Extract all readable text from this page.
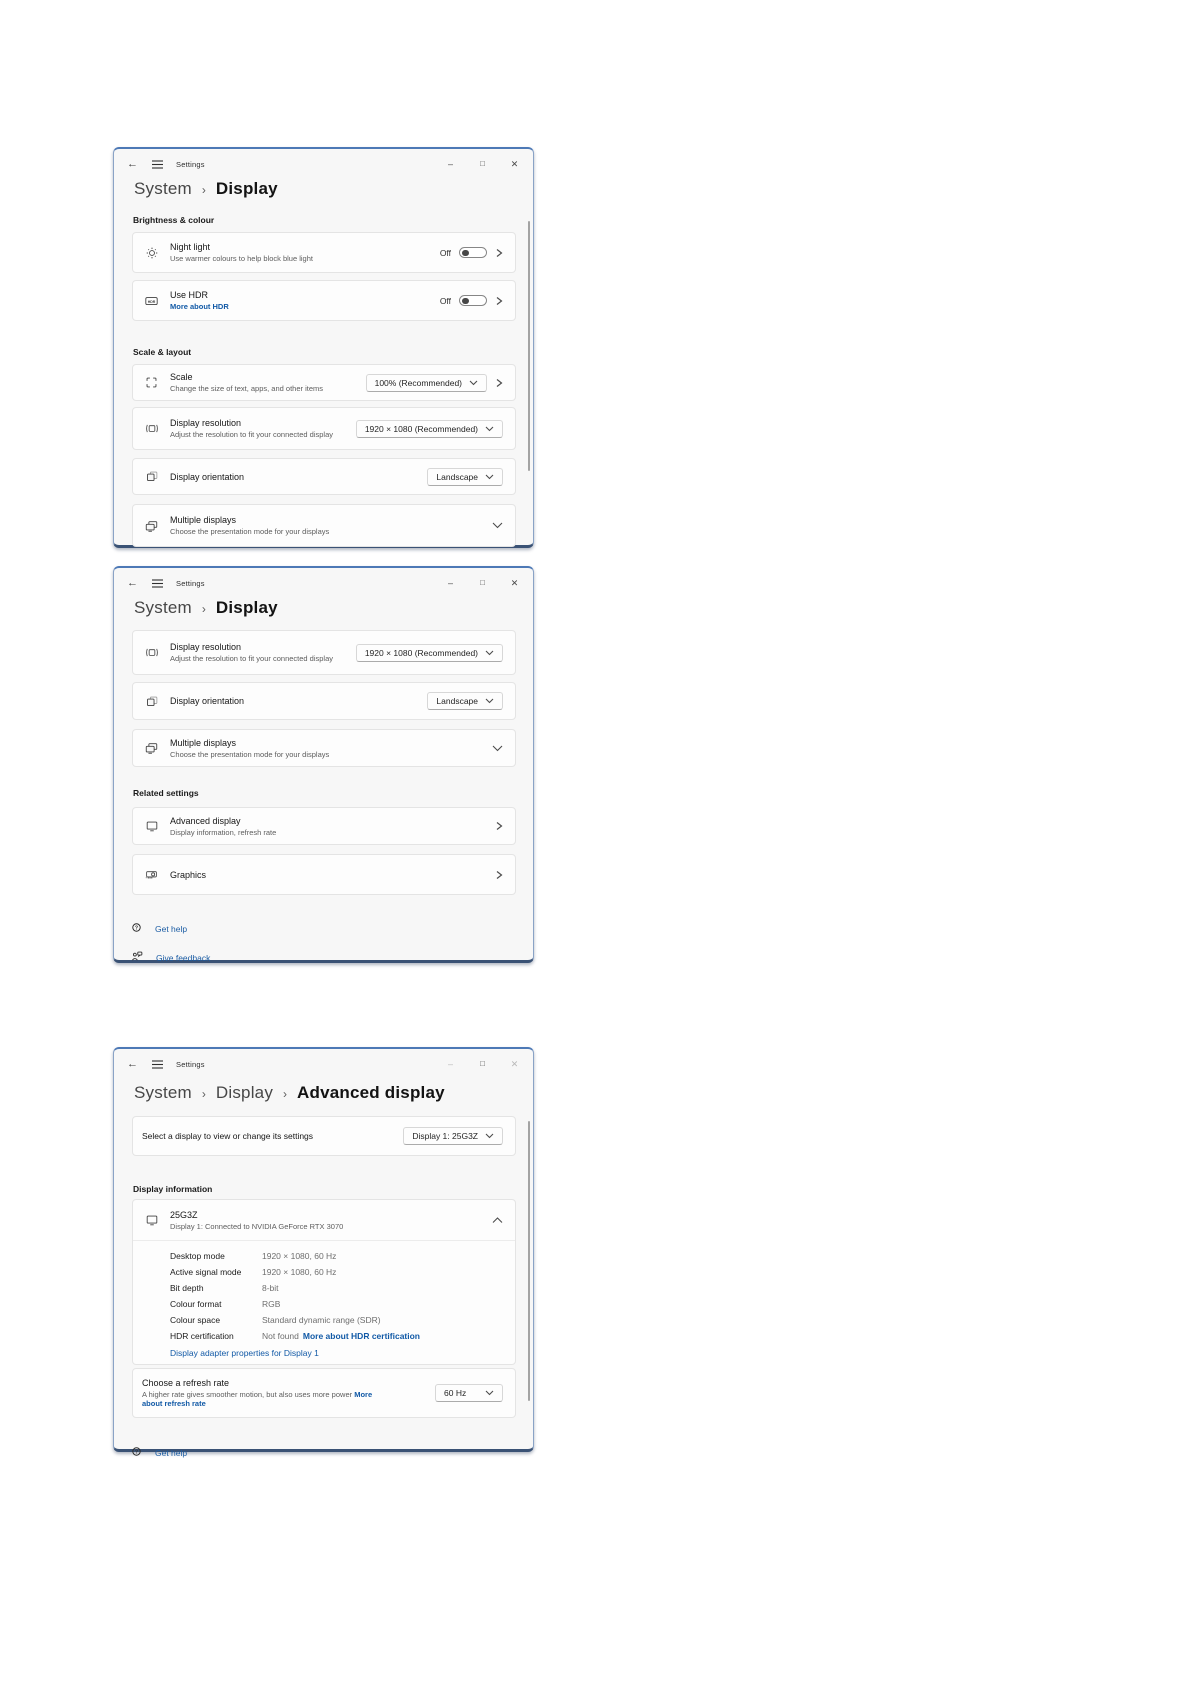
←	Settings	–	□	✕
System › Display
Brightness & colour
Night light
Use warmer colours to help block blue light
Off
HDR
Use HDR
More about HDR
Off
Scale & layout
Scale
Change the size of text, apps, and other items
100% (Recommended)
Display resolution
Adjust the resolution to fit your connected display
1920 × 1080 (Recommended)
Display orientation	Landscape
Multiple displays
Choose the presentation mode for your displays
←	Settings	–	□	✕
System › Display
Display resolution
Adjust the resolution to fit your connected display
1920 × 1080 (Recommended)
Display orientation	Landscape
Multiple displays
Choose the presentation mode for your displays
Related settings
Advanced display
Display information, refresh rate
Graphics
? Get help
Give feedback
←	Settings	–	□	✕
System › Display › Advanced display
Select a display to view or change its settings	Display 1: 25G3Z
Display information
25G3Z
Display 1: Connected to NVIDIA GeForce RTX 3070
Desktop mode	1920 × 1080, 60 Hz
Active signal mode	1920 × 1080, 60 Hz
Bit depth	8-bit
Colour format	RGB
Colour space	Standard dynamic range (SDR)
HDR certification	Not found More about HDR certification
Display adapter properties for Display 1
Choose a refresh rate
A higher rate gives smoother motion, but also uses more power More about refresh rate
60 Hz
? Get help
